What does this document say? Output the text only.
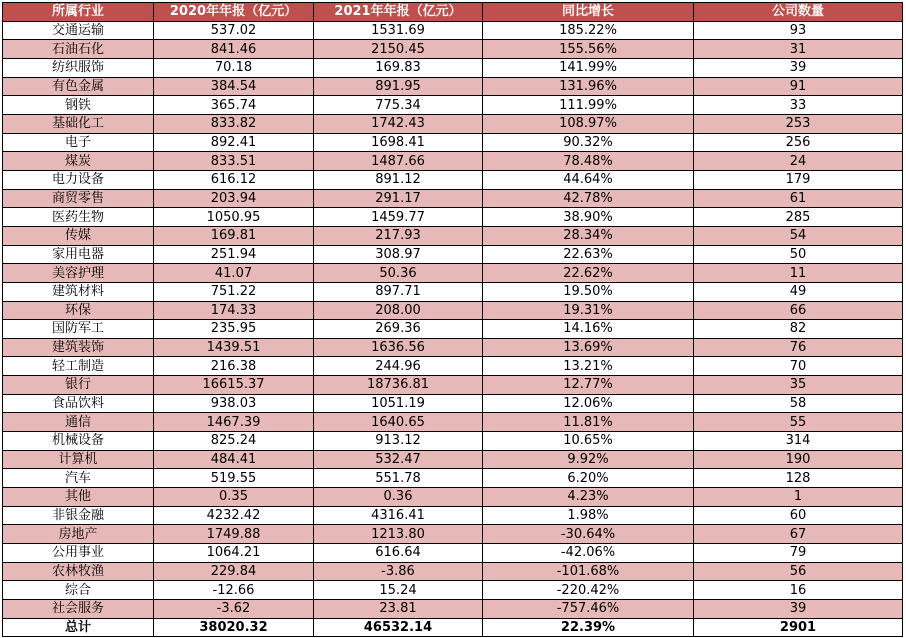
所属行业	2020年年报（亿元）	2021年年报（亿元）	同比增长	公司数量
交通运输	537.02	1531.69	185.22%	93
石油石化	841.46	2150.45	155.56%	31
纺织服饰	70.18	169.83	141.99%	39
有色金属	384.54	891.95	131.96%	91
钢铁	365.74	775.34	111.99%	33
基础化工	833.82	1742.43	108.97%	253
电子	892.41	1698.41	90.32%	256
煤炭	833.51	1487.66	78.48%	24
电力设备	616.12	891.12	44.64%	179
商贸零售	203.94	291.17	42.78%	61
医药生物	1050.95	1459.77	38.90%	285
传媒	169.81	217.93	28.34%	54
家用电器	251.94	308.97	22.63%	50
美容护理	41.07	50.36	22.62%	11
建筑材料	751.22	897.71	19.50%	49
环保	174.33	208.00	19.31%	66
国防军工	235.95	269.36	14.16%	82
建筑装饰	1439.51	1636.56	13.69%	76
轻工制造	216.38	244.96	13.21%	70
银行	16615.37	18736.81	12.77%	35
食品饮料	938.03	1051.19	12.06%	58
通信	1467.39	1640.65	11.81%	55
机械设备	825.24	913.12	10.65%	314
计算机	484.41	532.47	9.92%	190
汽车	519.55	551.78	6.20%	128
其他	0.35	0.36	4.23%	1
非银金融	4232.42	4316.41	1.98%	60
房地产	1749.88	1213.80	-30.64%	67
公用事业	1064.21	616.64	-42.06%	79
农林牧渔	229.84	-3.86	-101.68%	56
综合	-12.66	15.24	-220.42%	16
社会服务	-3.62	23.81	-757.46%	39
总计	38020.32	46532.14	22.39%	2901
